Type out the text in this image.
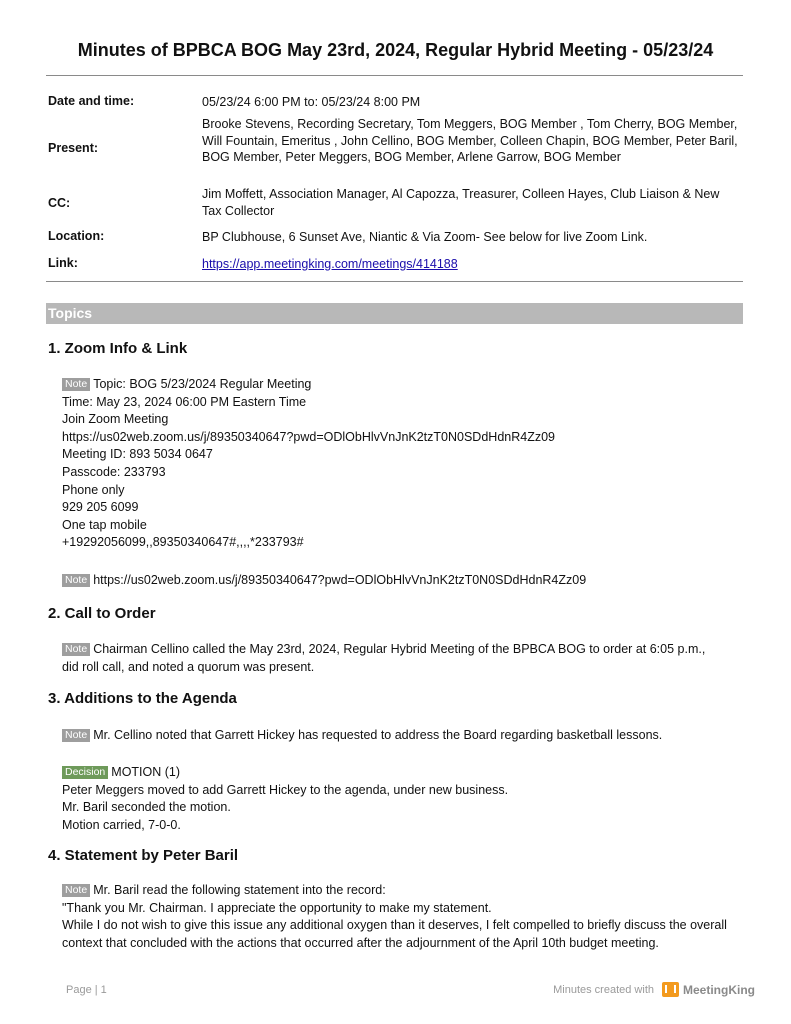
Minutes of BPBCA BOG May 23rd, 2024, Regular Hybrid Meeting - 05/23/24
Date and time:	05/23/24 6:00 PM to: 05/23/24 8:00 PM
Present:
Brooke Stevens, Recording Secretary, Tom Meggers, BOG Member , Tom Cherry, BOG Member, Will Fountain, Emeritus , John Cellino, BOG Member, Colleen Chapin, BOG Member, Peter Baril, BOG Member, Peter Meggers, BOG Member, Arlene Garrow, BOG Member
CC:
Jim Moffett, Association Manager, Al Capozza, Treasurer, Colleen Hayes, Club Liaison & New Tax Collector
Location:	BP Clubhouse, 6 Sunset Ave, Niantic & Via Zoom- See below for live Zoom Link.
Link:	https://app.meetingking.com/meetings/414188
Topics
1. Zoom Info & Link
Note Topic: BOG 5/23/2024 Regular Meeting
Time: May 23, 2024 06:00 PM Eastern Time
Join Zoom Meeting
https://us02web.zoom.us/j/89350340647?pwd=ODlObHlvVnJnK2tzT0N0SDdHdnR4Zz09
Meeting ID: 893 5034 0647
Passcode: 233793
Phone only
929 205 6099
One tap mobile
+19292056099,,89350340647#,,,,*233793#
Note https://us02web.zoom.us/j/89350340647?pwd=ODlObHlvVnJnK2tzT0N0SDdHdnR4Zz09
2. Call to Order
Note Chairman Cellino called the May 23rd, 2024, Regular Hybrid Meeting of the BPBCA BOG to order at 6:05 p.m., did roll call, and noted a quorum was present.
3. Additions to the Agenda
Note Mr. Cellino noted that Garrett Hickey has requested to address the Board regarding basketball lessons.
Decision MOTION (1)
Peter Meggers moved to add Garrett Hickey to the agenda, under new business.
Mr. Baril seconded the motion.
Motion carried, 7-0-0.
4. Statement by Peter Baril
Note Mr. Baril read the following statement into the record:
"Thank you Mr. Chairman. I appreciate the opportunity to make my statement.
While I do not wish to give this issue any additional oxygen than it deserves, I felt compelled to briefly discuss the overall context that concluded with the actions that occurred after the adjournment of the April 10th budget meeting.
Page | 1	Minutes created with MeetingKing
